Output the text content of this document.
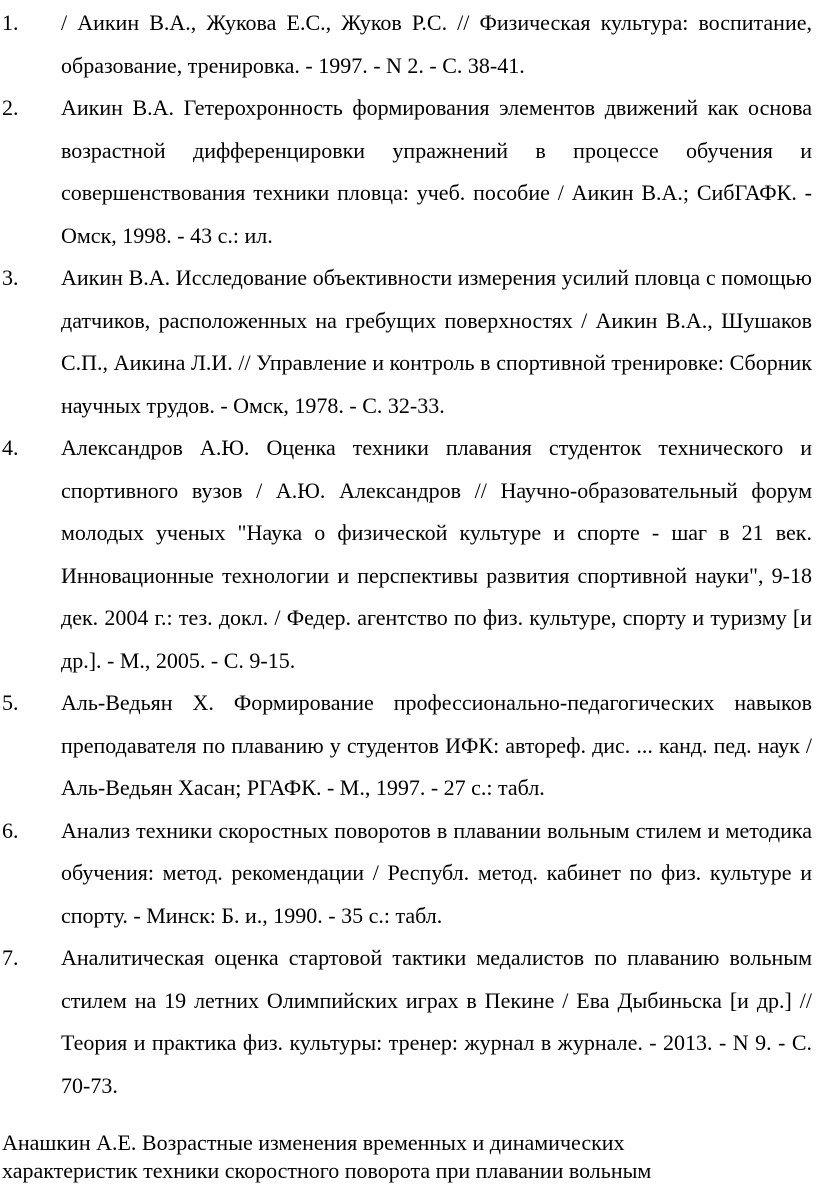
1.	/ Аикин В.А., Жукова Е.С., Жуков Р.С. // Физическая культура: воспитание, образование, тренировка. - 1997. - N 2. - С. 38-41.
2.	Аикин В.А. Гетерохронность формирования элементов движений как основа возрастной дифференцировки упражнений в процессе обучения и совершенствования техники пловца: учеб. пособие / Аикин В.А.; СибГАФК. - Омск, 1998. - 43 с.: ил.
3.	Аикин В.А. Исследование объективности измерения усилий пловца с помощью датчиков, расположенных на гребущих поверхностях / Аикин В.А., Шушаков С.П., Аикина Л.И. // Управление и контроль в спортивной тренировке: Сборник научных трудов. - Омск, 1978. - С. 32-33.
4.	Александров А.Ю. Оценка техники плавания студенток технического и спортивного вузов / А.Ю. Александров // Научно-образовательный форум молодых ученых "Наука о физической культуре и спорте - шаг в 21 век. Инновационные технологии и перспективы развития спортивной науки", 9-18 дек. 2004 г.: тез. докл. / Федер. агентство по физ. культуре, спорту и туризму [и др.]. - М., 2005. - С. 9-15.
5.	Аль-Ведьян Х. Формирование профессионально-педагогических навыков преподавателя по плаванию у студентов ИФК: автореф. дис. ... канд. пед. наук / Аль-Ведьян Хасан; РГАФК. - М., 1997. - 27 с.: табл.
6.	Анализ техники скоростных поворотов в плавании вольным стилем и методика обучения: метод. рекомендации / Республ. метод. кабинет по физ. культуре и спорту. - Минск: Б. и., 1990. - 35 с.: табл.
7.	Аналитическая оценка стартовой тактики медалистов по плаванию вольным стилем на 19 летних Олимпийских играх в Пекине / Ева Дыбиньска [и др.] // Теория и практика физ. культуры: тренер: журнал в журнале. - 2013. - N 9. - С. 70-73.
Анашкин А.Е. Возрастные изменения временных и динамических характеристик техники скоростного поворота при плавании вольным
